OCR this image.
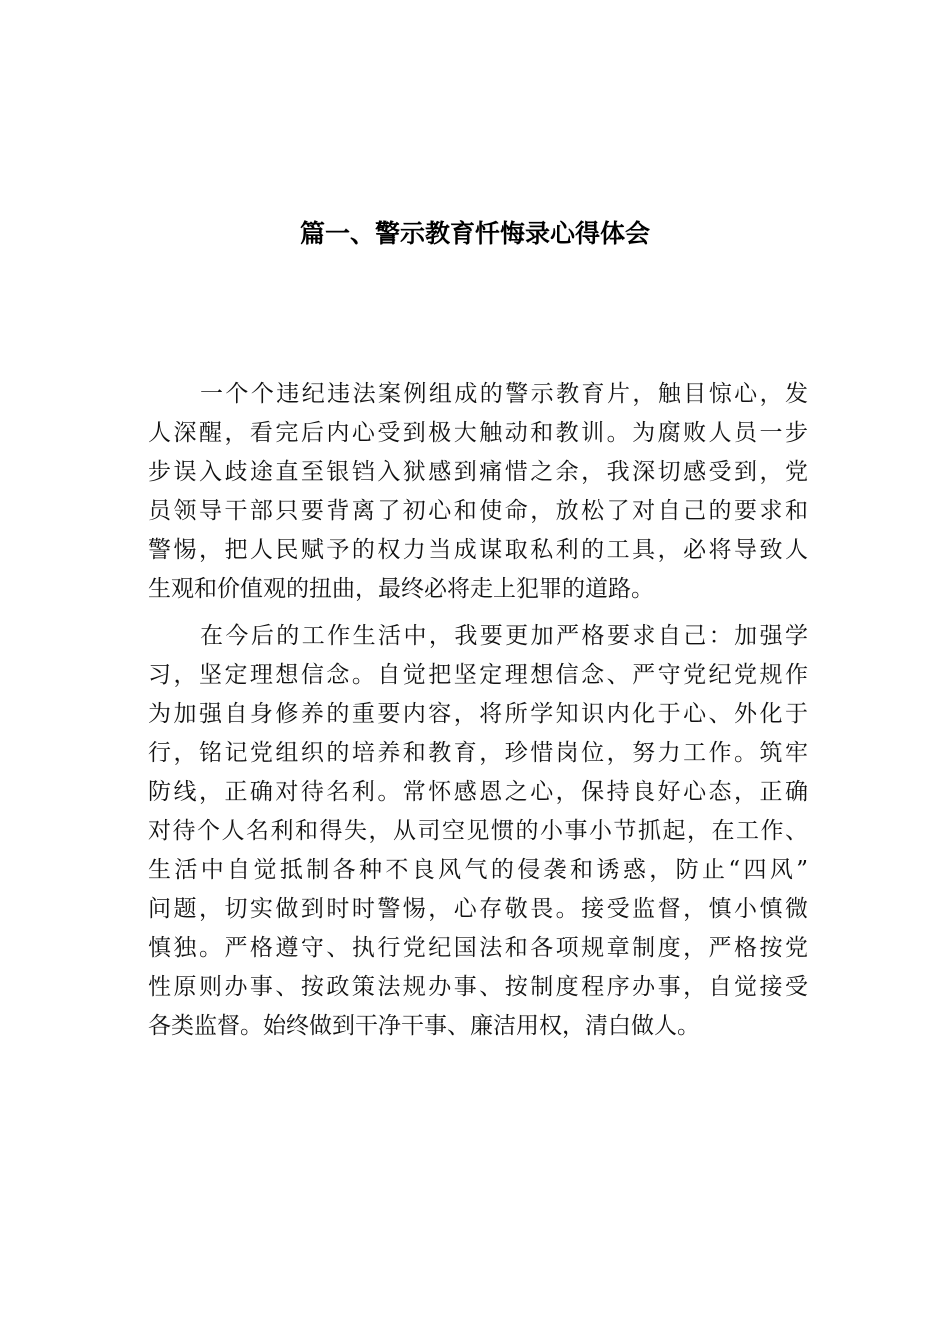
篇一、警示教育忏悔录心得体会

一个个违纪违法案例组成的警示教育片，触目惊心，发
人深醒，看完后内心受到极大触动和教训。为腐败人员一步
步误入歧途直至银铛入狱感到痛惜之余，我深切感受到，党
员领导干部只要背离了初心和使命，放松了对自己的要求和
警惕，把人民赋予的权力当成谋取私利的工具，必将导致人
生观和价值观的扭曲，最终必将走上犯罪的道路。

在今后的工作生活中，我要更加严格要求自己：加强学
习，坚定理想信念。自觉把坚定理想信念、严守党纪党规作
为加强自身修养的重要内容，将所学知识内化于心、外化于
行，铭记党组织的培养和教育，珍惜岗位，努力工作。筑牢
防线，正确对待名利。常怀感恩之心，保持良好心态，正确
对待个人名利和得失，从司空见惯的小事小节抓起，在工作、
生活中自觉抵制各种不良风气的侵袭和诱惑，防止“四风”
问题，切实做到时时警惕，心存敬畏。接受监督，慎小慎微
慎独。严格遵守、执行党纪国法和各项规章制度，严格按党
性原则办事、按政策法规办事、按制度程序办事，自觉接受
各类监督。始终做到干净干事、廉洁用权，清白做人。
